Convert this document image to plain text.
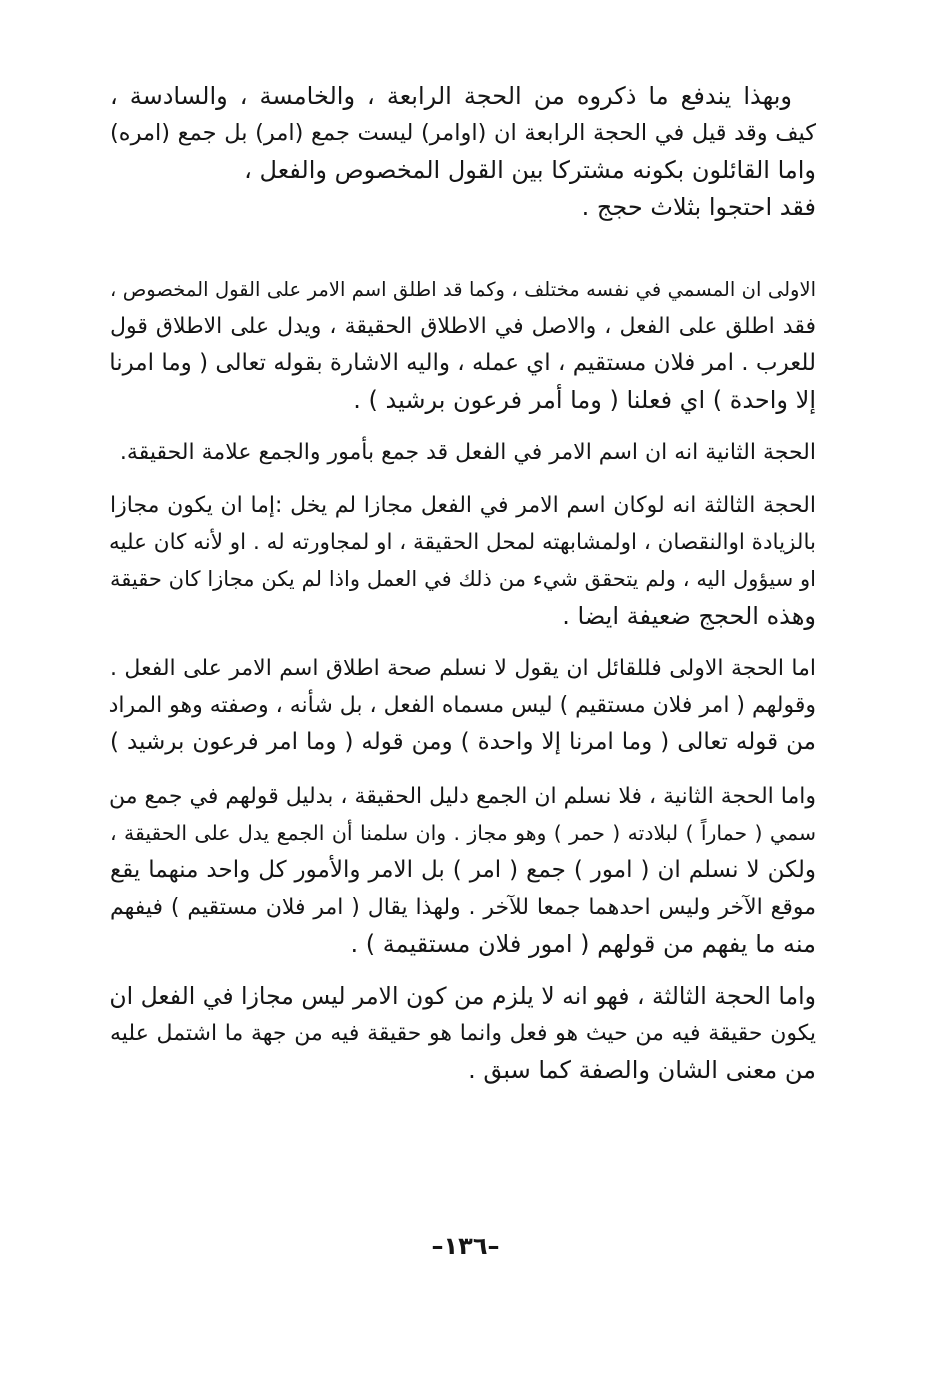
وبهذا يندفع ما ذكروه من الحجة الرابعة ، والخامسة ، والسادسة ،
كيف وقد قيل في الحجة الرابعة ان (اوامر) ليست جمع (امر) بل جمع (امره)
واما القائلون بكونه مشتركا بين القول المخصوص والفعل ،
فقد احتجوا بثلاث حجج .
الاولى ان المسمي في نفسه مختلف ، وكما قد اطلق اسم الامر على القول المخصوص ،
فقد اطلق على الفعل ، والاصل في الاطلاق الحقيقة ، ويدل على الاطلاق قول
للعرب . امر فلان مستقيم ، اي عمله ، واليه الاشارة بقوله تعالى ( وما امرنا
إلا واحدة ) اي فعلنا ( وما أمر فرعون برشيد ) .
الحجة الثانية انه ان اسم الامر في الفعل قد جمع بأمور والجمع علامة الحقيقة.
الحجة الثالثة انه لوكان اسم الامر في الفعل مجازا لم يخل :إما ان يكون مجازا
بالزيادة اوالنقصان ، اولمشابهته لمحل الحقيقة ، او لمجاورته له . او لأنه كان عليه
او سيؤول اليه ، ولم يتحقق شيء من ذلك في العمل واذا لم يكن مجازا كان حقيقة
وهذه الحجج ضعيفة ايضا .
اما الحجة الاولى فللقائل ان يقول لا نسلم صحة اطلاق اسم الامر على الفعل .
وقولهم ( امر فلان مستقيم ) ليس مسماه الفعل ، بل شأنه ، وصفته وهو المراد
من قوله تعالى ( وما امرنا إلا واحدة ) ومن قوله ( وما امر فرعون برشيد )
واما الحجة الثانية ، فلا نسلم ان الجمع دليل الحقيقة ، بدليل قولهم في جمع من
سمي ( حماراً ) لبلادته ( حمر ) وهو مجاز . وان سلمنا أن الجمع يدل على الحقيقة ،
ولكن لا نسلم ان ( امور ) جمع ( امر ) بل الامر والأمور كل واحد منهما يقع
موقع الآخر وليس احدهما جمعا للآخر . ولهذا يقال ( امر فلان مستقيم ) فيفهم
منه ما يفهم من قولهم ( امور فلان مستقيمة ) .
واما الحجة الثالثة ، فهو انه لا يلزم من كون الامر ليس مجازا في الفعل ان
يكون حقيقة فيه من حيث هو فعل وانما هو حقيقة فيه من جهة ما اشتمل عليه
من معنى الشان والصفة كما سبق .
–١٣٦–
